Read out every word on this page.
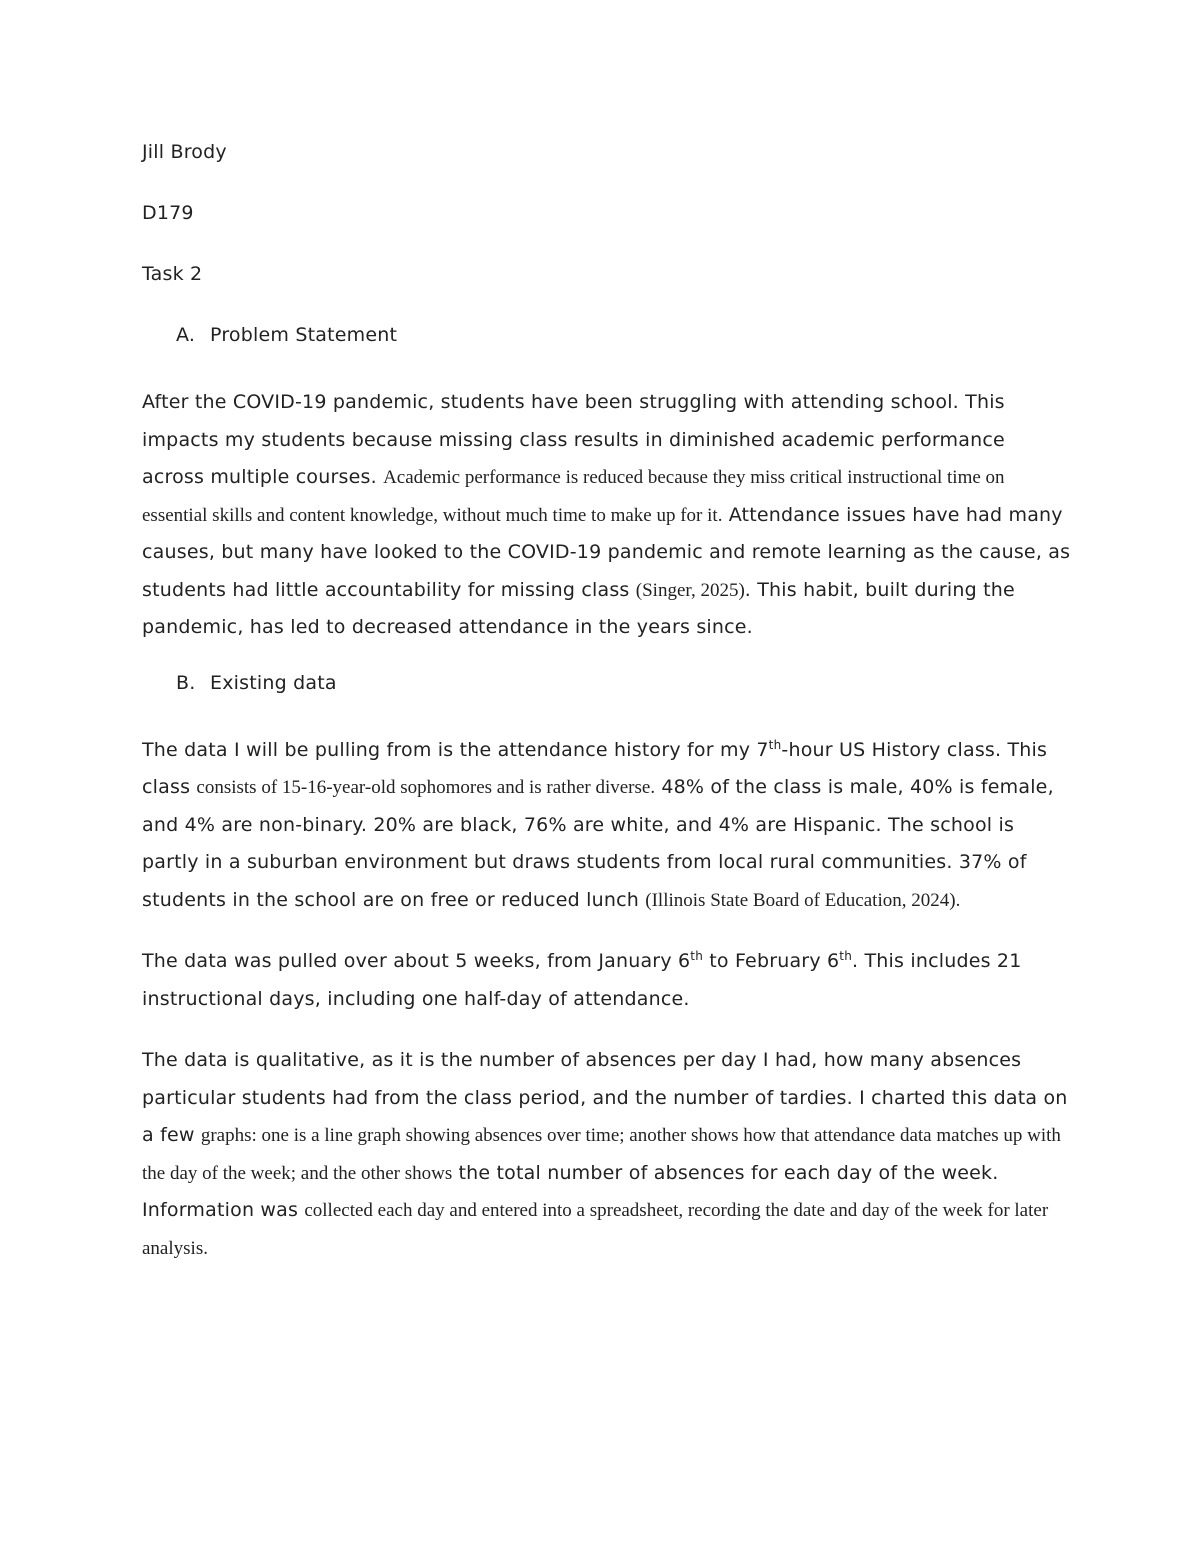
Jill Brody

D179

Task 2

A. Problem Statement

After the COVID-19 pandemic, students have been struggling with attending school. This impacts my students because missing class results in diminished academic performance across multiple courses. Academic performance is reduced because they miss critical instructional time on essential skills and content knowledge, without much time to make up for it. Attendance issues have had many causes, but many have looked to the COVID-19 pandemic and remote learning as the cause, as students had little accountability for missing class (Singer, 2025). This habit, built during the pandemic, has led to decreased attendance in the years since.

B. Existing data

The data I will be pulling from is the attendance history for my 7th-hour US History class. This class consists of 15-16-year-old sophomores and is rather diverse. 48% of the class is male, 40% is female, and 4% are non-binary. 20% are black, 76% are white, and 4% are Hispanic. The school is partly in a suburban environment but draws students from local rural communities. 37% of students in the school are on free or reduced lunch (Illinois State Board of Education, 2024).

The data was pulled over about 5 weeks, from January 6th to February 6th. This includes 21 instructional days, including one half-day of attendance.

The data is qualitative, as it is the number of absences per day I had, how many absences particular students had from the class period, and the number of tardies. I charted this data on a few graphs: one is a line graph showing absences over time; another shows how that attendance data matches up with the day of the week; and the other shows the total number of absences for each day of the week. Information was collected each day and entered into a spreadsheet, recording the date and day of the week for later analysis.
